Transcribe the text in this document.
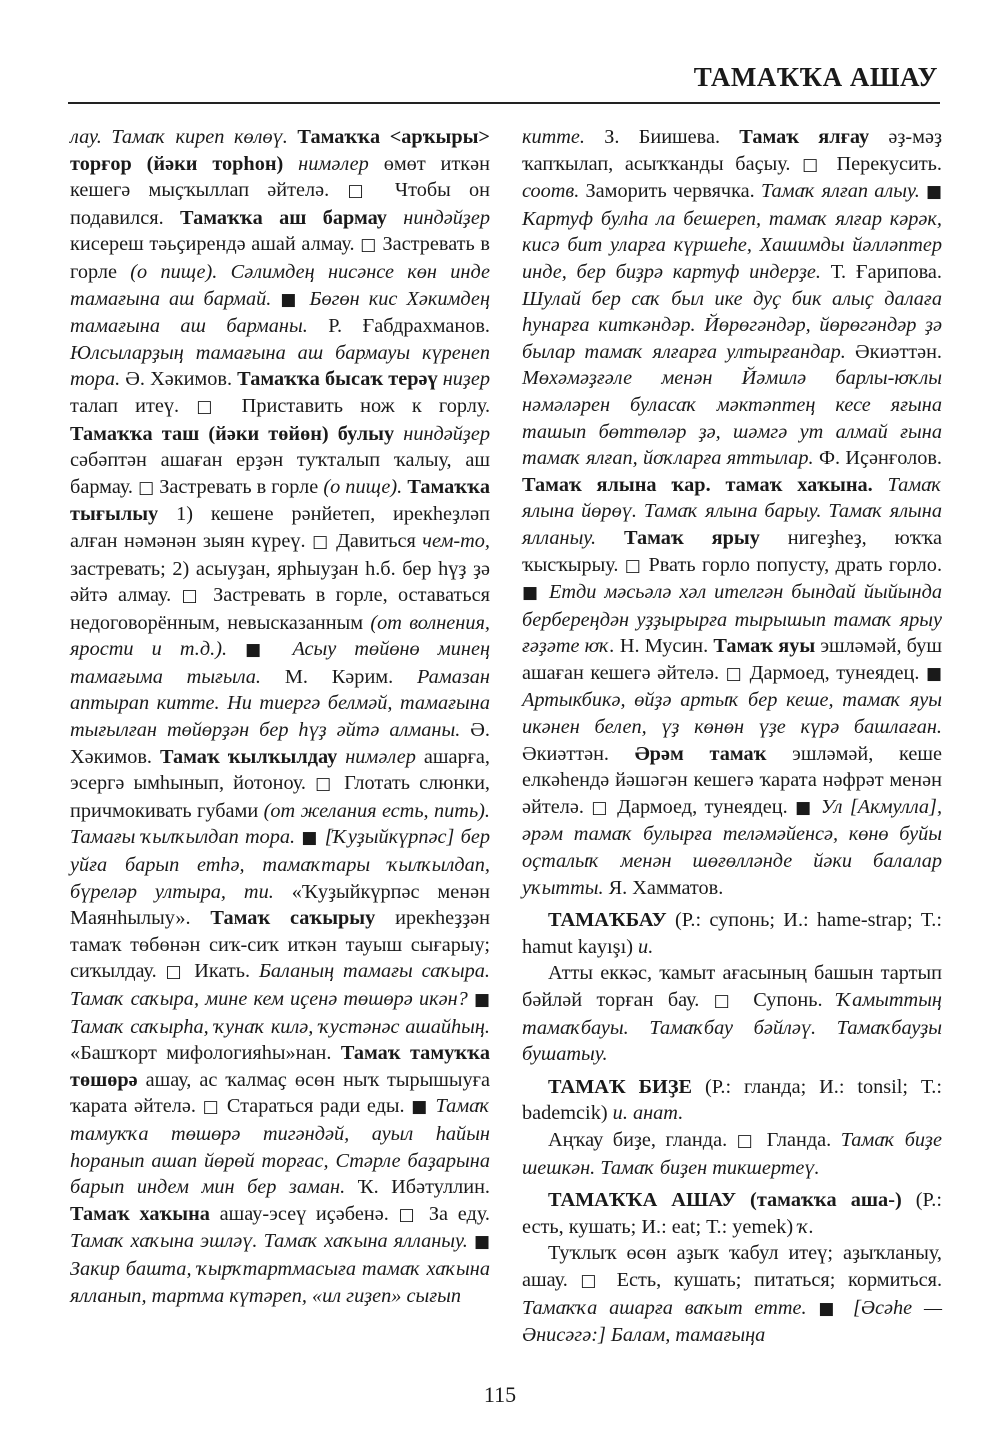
ТАМАҠҠА АШАУ

лау. Тамаҡ киреп көлөү. Тамаҡҡа <арҡыры> торғор (йәки торһон) нимәлер өмөт иткән кешегә мыҫҡыллап әйтелә. □ Чтобы он подавился. Тамаҡҡа аш бармау ниндәйҙер кисереш тәьҫирендә ашай алмау. □ Застревать в горле (о пище). Сәлимдең нисәнсе көн инде тамағына аш бармай. ■ Бөгөн кис Хәкимдең тамағына аш барманы. Р. Ғабдрахманов. Юлсыларҙың тамағына аш бармауы күренеп тора. Ә. Хәкимов. Тамаҡҡа бысаҡ терәү ниҙер талап итеү. □ Приставить нож к горлу. Тамаҡҡа таш (йәки төйөн) булыу ниндәйҙер сәбәптән ашаған ерҙән туҡталып ҡалыу, аш бармау. □ Застревать в горле (о пище). Тамаҡҡа тығылыу 1) кешене рәнйетеп, ирекһеҙләп алған нәмәнән зыян күреү. □ Давиться чем-то, застревать; 2) асыуҙан, ярһыуҙан һ.б. бер һүҙ ҙә әйтә алмау. □ Застревать в горле, оставаться недоговорённым, невысказанным (от волнения, ярости и т.д.). ■ Асыу төйөнө минең тамағыма тығыла. М. Кәрим. Рамазан аптырап китте. Ни тиергә белмәй, тамағына тығылған төйөрҙән бер һүҙ әйтә алманы. Ә. Хәкимов. Тамаҡ ҡылҡылдау нимәлер ашарға, эсергә ымһынып, йотоноу. □ Глотать слюнки, причмокивать губами (от желания есть, пить). Тамағы ҡылҡылдап тора. ■ [Ҡуҙыйкүрпәс] бер уйға барып етһә, тамаҡтары ҡылҡылдап, бүреләр ултыра, ти. «Ҡуҙыйкүрпәс менән Маянһылыу». Тамаҡ саҡырыу ирекһеҙҙән тамаҡ төбөнән сиҡ-сиҡ иткән тауыш сығарыу; сиҡылдау. □ Икать. Баланың тамағы саҡыра. Тамаҡ саҡыра, мине кем иҫенә төшөрә икән? ■ Тамаҡ саҡырһа, ҡунаҡ килә, ҡустәнәс ашайһың. «Башҡорт мифологияһы»нан. Тамаҡ тамуҡҡа төшөрә ашау, ас ҡалмаҫ өсөн ныҡ тырышыуға ҡарата әйтелә. □ Стараться ради еды. ■ Тамаҡ тамуҡҡа төшөрә тигәндәй, ауыл һайын һоранып ашап йөрөй торғас, Стәрле баҙарына барып индем мин бер заман. Ҡ. Ибәтуллин. Тамаҡ хаҡына ашау-эсеү иҫәбенә. □ За еду. Тамаҡ хаҡына эшләү. Тамаҡ хаҡына ялланыу. ■ Закир башта, ҡырҡтартмасыға тамаҡ хаҡына ялланып, тартма күтәреп, «ил гиҙеп» сығып

китте. З. Биишева. Тамаҡ ялғау әҙ-мәҙ ҡапҡылап, асыҡҡанды баҫыу. □ Перекусить. соотв. Заморить червячка. Тамаҡ ялғап алыу. ■ Картуф булһа ла бешереп, тамаҡ ялғар кәрәк, кисә бит уларға күршеһе, Хашимды йәлләптер инде, бер биҙрә картуф индерҙе. Т. Ғарипова. Шулай бер саҡ был ике дуҫ бик алыҫ далаға һунарға киткәндәр. Йөрөгәндәр, йөрөгәндәр ҙә былар тамаҡ ялғарға ултырғандар. Әкиәттән. Мөхәмәҙғәле менән Йәмилә барлы-юҡлы нәмәләрен буласаҡ мәктәптең кесе яғына ташып бөттөләр ҙә, шәмгә ут алмай ғына тамаҡ ялғап, йоҡларға яттылар. Ф. Иҫәнғолов. Тамаҡ ялына ҡар. тамаҡ хаҡына. Тамаҡ ялына йөрөү. Тамаҡ ялына барыу. Тамаҡ ялына ялланыу. Тамаҡ ярыу нигеҙһеҙ, юҡҡа ҡысҡырыу. □ Рвать горло попусту, драть горло. ■ Етди мәсьәлә хәл ителгән бындай йыйында бербереңдән уҙҙырырға тырышып тамаҡ ярыу ғәҙәте юҡ. Н. Мусин. Тамаҡ яуы эшләмәй, буш ашаған кешегә әйтелә. □ Дармоед, тунеядец. ■ Артыкбикә, өйҙә артыҡ бер кеше, тамаҡ яуы икәнен белеп, үҙ көнөн үҙе күрә башлаған. Әкиәттән. Әрәм тамаҡ эшләмәй, кеше елкәһендә йәшәгән кешегә ҡарата нәфрәт менән әйтелә. □ Дармоед, тунеядец. ■ Ул [Акмулла], әрәм тамаҡ булырға теләмәйенсә, көнө буйы оҫталыҡ менән шөғөлләнде йәки балалар уҡытты. Я. Хамматов.

ТАМАҠБАУ (Р.: супонь; И.: hame-strap; Т.: hamut kayışı) и.

Атты еккәс, ҡамыт ағасының башын тартып бәйләй торған бау. □ Супонь. Ҡамыттың тамаҡбауы. Тамаҡбау бәйләү. Тамаҡбауҙы бушатыу.

ТАМАҠ БИҘЕ (Р.: гланда; И.: tonsil; Т.: bademcik) и. анат.

Аңҡау биҙе, гланда. □ Гланда. Тамаҡ биҙе шешкән. Тамаҡ биҙен тикшертеү.

ТАМАҠҠА АШАУ (тамаҡҡа аша-) (Р.: есть, кушать; И.: eat; Т.: yemek) ҡ.

Туҡлыҡ өсөн аҙыҡ ҡабул итеү; аҙыҡланыу, ашау. □ Есть, кушать; питаться; кормиться. Тамаҡҡа ашарға ваҡыт етте. ■ [Әсәһе — Әнисәгә:] Балам, тамағыңа

115
